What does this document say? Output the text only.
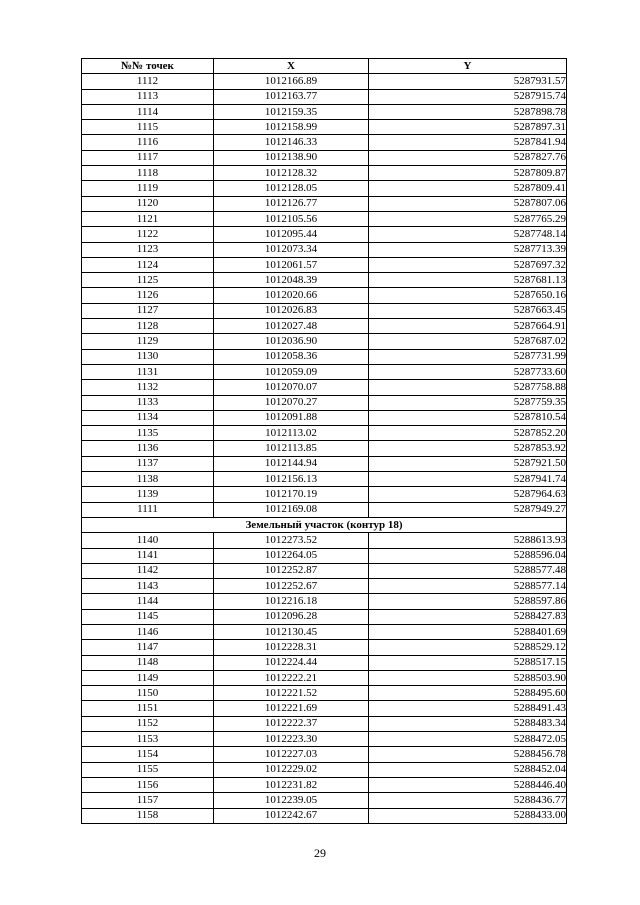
№№ точек	X	Y
1112	1012166.89	5287931.57
1113	1012163.77	5287915.74
1114	1012159.35	5287898.78
1115	1012158.99	5287897.31
1116	1012146.33	5287841.94
1117	1012138.90	5287827.76
1118	1012128.32	5287809.87
1119	1012128.05	5287809.41
1120	1012126.77	5287807.06
1121	1012105.56	5287765.29
1122	1012095.44	5287748.14
1123	1012073.34	5287713.39
1124	1012061.57	5287697.32
1125	1012048.39	5287681.13
1126	1012020.66	5287650.16
1127	1012026.83	5287663.45
1128	1012027.48	5287664.91
1129	1012036.90	5287687.02
1130	1012058.36	5287731.99
1131	1012059.09	5287733.60
1132	1012070.07	5287758.88
1133	1012070.27	5287759.35
1134	1012091.88	5287810.54
1135	1012113.02	5287852.20
1136	1012113.85	5287853.92
1137	1012144.94	5287921.50
1138	1012156.13	5287941.74
1139	1012170.19	5287964.63
1111	1012169.08	5287949.27
Земельный участок (контур 18)		
1140	1012273.52	5288613.93
1141	1012264.05	5288596.04
1142	1012252.87	5288577.48
1143	1012252.67	5288577.14
1144	1012216.18	5288597.86
1145	1012096.28	5288427.83
1146	1012130.45	5288401.69
1147	1012228.31	5288529.12
1148	1012224.44	5288517.15
1149	1012222.21	5288503.90
1150	1012221.52	5288495.60
1151	1012221.69	5288491.43
1152	1012222.37	5288483.34
1153	1012223.30	5288472.05
1154	1012227.03	5288456.78
1155	1012229.02	5288452.04
1156	1012231.82	5288446.40
1157	1012239.05	5288436.77
1158	1012242.67	5288433.00
29
